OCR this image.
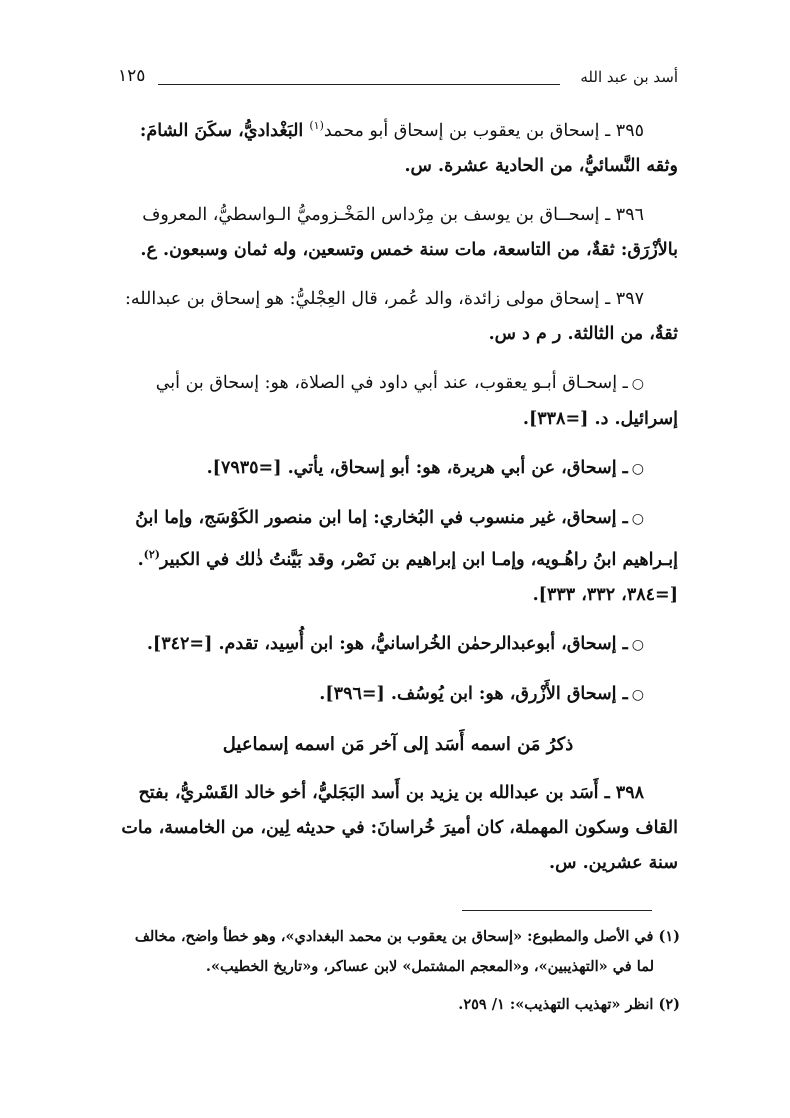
أسد بن عبد الله
١٢٥
٣٩٥ ـ إسحاق بن يعقوب بن إسحاق أبو محمد$^{(١)}$ البَغْداديُّ، سكَنَ الشامَ:
وثقه النَّسائيُّ، من الحادية عشرة. س.
٣٩٦ ـ إسحــاق بن يوسف بن مِرْداس المَخْـزوميُّ الـواسطيُّ، المعروف
بالأزْرَق: ثقةٌ، من التاسعة، مات سنة خمس وتسعين، وله ثمان وسبعون. ع.
٣٩٧ ـ إسحاق مولى زائدة، والد عُمر، قال العِجْليُّ: هو إسحاق بن عبدالله:
ثقةٌ، من الثالثة. ر م د س.
○ـ إسحـاق أبـو يعقوب، عند أبي داود في الصلاة، هو: إسحاق بن أبي
إسرائيل. د. [=٣٣٨].
○ـ إسحاق، عن أبي هريرة، هو: أبو إسحاق، يأتي. [=٧٩٣٥].
○ـ إسحاق، غير منسوب في البُخاري: إما ابن منصور الكَوْسَج، وإما ابنُ
إبـراهيم ابنُ راهُـويه، وإمـا ابن إبراهيم بن نَصْر، وقد بَيَّنتُ ذٰلك في الكبير$^{(٢)}$.
[=٣٨٤، ٣٣٢، ٣٣٣].
○ـ إسحاق، أبوعبدالرحمٰن الخُراسانيُّ، هو: ابن أُسِيد، تقدم. [=٣٤٢].
○ـ إسحاق الأَزْرق، هو: ابن يُوسُف. [=٣٩٦].
ذكرُ مَن اسمه أَسَد إلى آخر مَن اسمه إسماعيل
٣٩٨ ـ أَسَد بن عبدالله بن يزيد بن أَسد البَجَليُّ، أخو خالد القَسْريُّ، بفتح
القاف وسكون المهملة، كان أميرَ خُراسانَ: في حديثه لِين، من الخامسة، مات
سنة عشرين. س.

(١) في الأصل والمطبوع: «إسحاق بن يعقوب بن محمد البغدادي»، وهو خطأ واضح، مخالف
لما في «التهذيبين»، و«المعجم المشتمل» لابن عساكر، و«تاريخ الخطيب».

(٢) انظر «تهذيب التهذيب»: ١/ ٢٥٩.
